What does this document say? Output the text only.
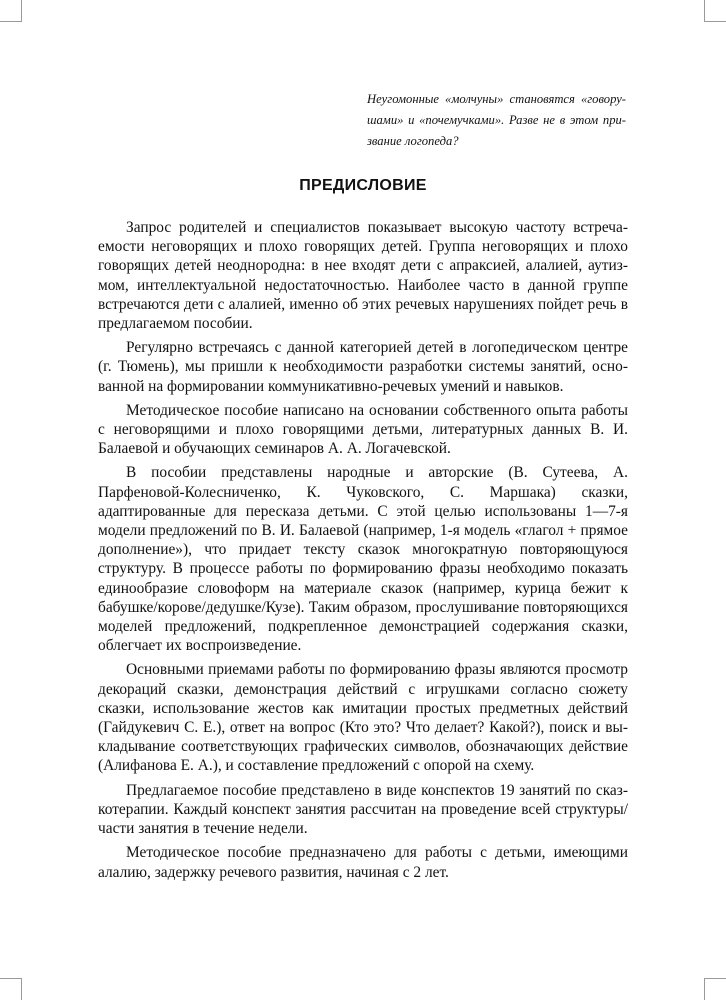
Неугомонные «молчуны» становятся «говорушами» и «почемучками». Разве не в этом призвание логопеда?
ПРЕДИСЛОВИЕ

Запрос родителей и специалистов показывает высокую частоту встречаемости неговорящих и плохо говорящих детей. Группа неговорящих и плохо говорящих детей неоднородна: в нее входят дети с апраксией, алалией, аутизмом, интеллектуальной недостаточностью. Наиболее часто в данной группе встречаются дети с алалией, именно об этих речевых нарушениях пойдет речь в предлагаемом пособии.

Регулярно встречаясь с данной категорией детей в логопедическом центре (г. Тюмень), мы пришли к необходимости разработки системы занятий, основанной на формировании коммуникативно-речевых умений и навыков.

Методическое пособие написано на основании собственного опыта работы с неговорящими и плохо говорящими детьми, литературных данных В. И. Балаевой и обучающих семинаров А. А. Логачевской.

В пособии представлены народные и авторские (В. Сутеева, А. Парфеновой-Колесниченко, К. Чуковского, С. Маршака) сказки, адаптированные для пересказа детьми. С этой целью использованы 1—7-я модели предложений по В. И. Балаевой (например, 1-я модель «глагол + прямое дополнение»), что придает тексту сказок многократную повторяющуюся структуру. В процессе работы по формированию фразы необходимо показать единообразие словоформ на материале сказок (например, курица бежит к бабушке/корове/дедушке/Кузе). Таким образом, прослушивание повторяющихся моделей предложений, подкрепленное демонстрацией содержания сказки, облегчает их воспроизведение.

Основными приемами работы по формированию фразы являются просмотр декораций сказки, демонстрация действий с игрушками согласно сюжету сказки, использование жестов как имитации простых предметных действий (Гайдукевич С. Е.), ответ на вопрос (Кто это? Что делает? Какой?), поиск и выкладывание соответствующих графических символов, обозначающих действие (Алифанова Е. А.), и составление предложений с опорой на схему.

Предлагаемое пособие представлено в виде конспектов 19 занятий по сказкотерапии. Каждый конспект занятия рассчитан на проведение всей структуры/части занятия в течение недели.

Методическое пособие предназначено для работы с детьми, имеющими алалию, задержку речевого развития, начиная с 2 лет.
